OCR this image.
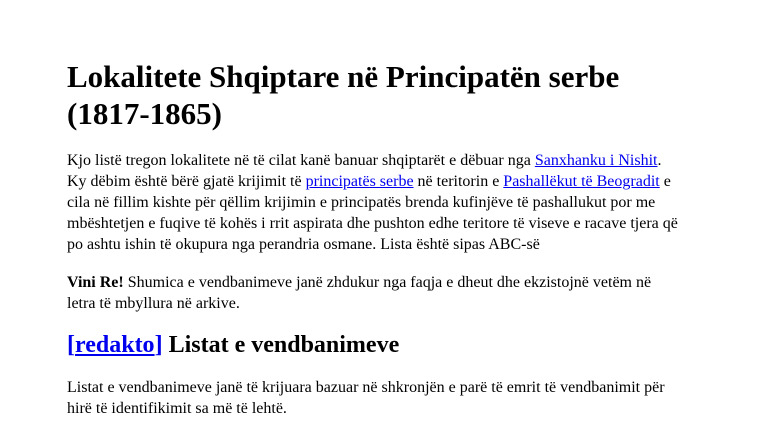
Lokalitete Shqiptare në Principatën serbe (1817-1865)

Kjo listë tregon lokalitete në të cilat kanë banuar shqiptarët e dëbuar nga Sanxhanku i Nishit. Ky dëbim është bërë gjatë krijimit të principatës serbe në teritorin e Pashallëkut të Beogradit e cila në fillim kishte për qëllim krijimin e principatës brenda kufinjëve të pashallukut por me mbështetjen e fuqive të kohës i rrit aspirata dhe pushton edhe teritore të viseve e racave tjera që po ashtu ishin të okupura nga perandria osmane. Lista është sipas ABC-së

Vini Re! Shumica e vendbanimeve janë zhdukur nga faqja e dheut dhe ekzistojnë vetëm në letra të mbyllura në arkive.

[redakto] Listat e vendbanimeve

Listat e vendbanimeve janë të krijuara bazuar në shkronjën e parë të emrit të vendbanimit për hirë të identifikimit sa më të lehtë.
